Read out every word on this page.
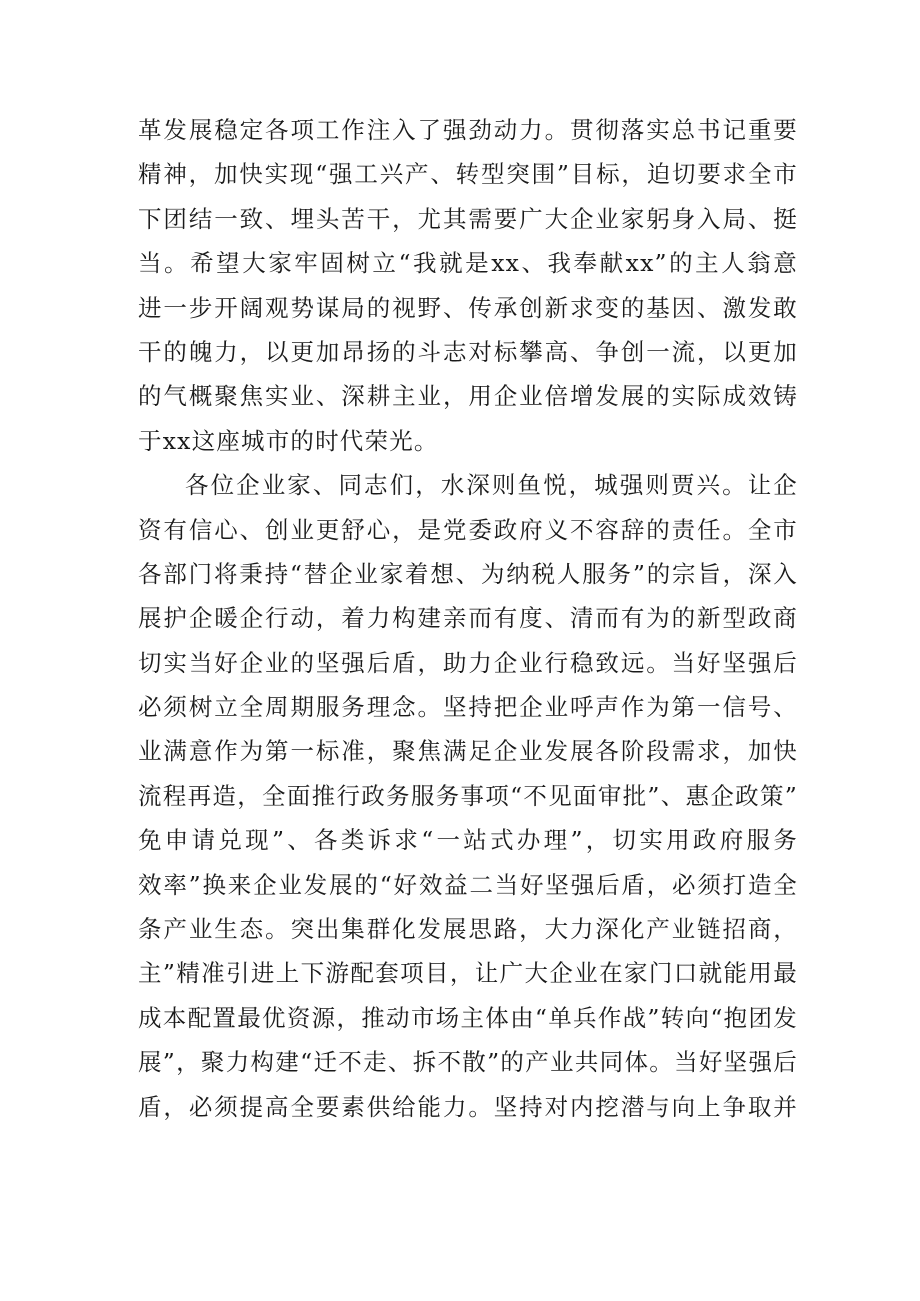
革发展稳定各项工作注入了强劲动力。贯彻落实总书记重要
精神，加快实现“强工兴产、转型突围”目标，迫切要求全市
下团结一致、埋头苦干，尤其需要广大企业家躬身入局、挺
当。希望大家牢固树立“我就是xx、我奉献xx”的主人翁意
进一步开阔观势谋局的视野、传承创新求变的基因、激发敢
干的魄力，以更加昂扬的斗志对标攀高、争创一流，以更加
的气概聚焦实业、深耕主业，用企业倍增发展的实际成效铸
于xx这座城市的时代荣光。
各位企业家、同志们，水深则鱼悦，城强则贾兴。让企
资有信心、创业更舒心，是党委政府义不容辞的责任。全市
各部门将秉持“替企业家着想、为纳税人服务”的宗旨，深入
展护企暖企行动，着力构建亲而有度、清而有为的新型政商
切实当好企业的坚强后盾，助力企业行稳致远。当好坚强后
必须树立全周期服务理念。坚持把企业呼声作为第一信号、
业满意作为第一标准，聚焦满足企业发展各阶段需求，加快
流程再造，全面推行政务服务事项“不见面审批”、惠企政策”
免申请兑现”、各类诉求“一站式办理”，切实用政府服务
效率”换来企业发展的“好效益二当好坚强后盾，必须打造全
条产业生态。突出集群化发展思路，大力深化产业链招商，
主”精准引进上下游配套项目，让广大企业在家门口就能用最
成本配置最优资源，推动市场主体由“单兵作战”转向“抱团发
展”，聚力构建“迁不走、拆不散”的产业共同体。当好坚强后
盾，必须提高全要素供给能力。坚持对内挖潜与向上争取并
